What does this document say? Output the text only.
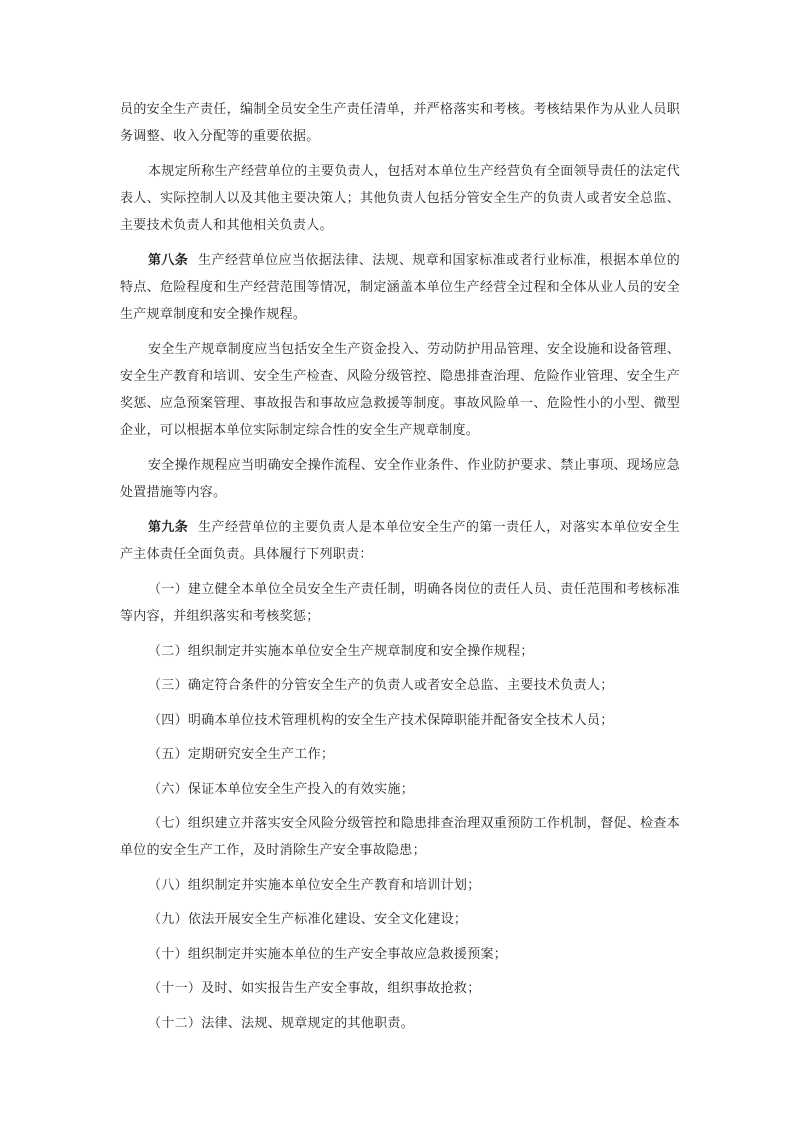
员的安全生产责任，编制全员安全生产责任清单，并严格落实和考核。考核结果作为从业人员职务调整、收入分配等的重要依据。

本规定所称生产经营单位的主要负责人，包括对本单位生产经营负有全面领导责任的法定代表人、实际控制人以及其他主要决策人；其他负责人包括分管安全生产的负责人或者安全总监、主要技术负责人和其他相关负责人。

第八条 生产经营单位应当依据法律、法规、规章和国家标准或者行业标准，根据本单位的特点、危险程度和生产经营范围等情况，制定涵盖本单位生产经营全过程和全体从业人员的安全生产规章制度和安全操作规程。

安全生产规章制度应当包括安全生产资金投入、劳动防护用品管理、安全设施和设备管理、安全生产教育和培训、安全生产检查、风险分级管控、隐患排查治理、危险作业管理、安全生产奖惩、应急预案管理、事故报告和事故应急救援等制度。事故风险单一、危险性小的小型、微型企业，可以根据本单位实际制定综合性的安全生产规章制度。

安全操作规程应当明确安全操作流程、安全作业条件、作业防护要求、禁止事项、现场应急处置措施等内容。

第九条 生产经营单位的主要负责人是本单位安全生产的第一责任人，对落实本单位安全生产主体责任全面负责。具体履行下列职责：

（一）建立健全本单位全员安全生产责任制，明确各岗位的责任人员、责任范围和考核标准等内容，并组织落实和考核奖惩；

（二）组织制定并实施本单位安全生产规章制度和安全操作规程；

（三）确定符合条件的分管安全生产的负责人或者安全总监、主要技术负责人；

（四）明确本单位技术管理机构的安全生产技术保障职能并配备安全技术人员；

（五）定期研究安全生产工作；

（六）保证本单位安全生产投入的有效实施；

（七）组织建立并落实安全风险分级管控和隐患排查治理双重预防工作机制，督促、检查本单位的安全生产工作，及时消除生产安全事故隐患；

（八）组织制定并实施本单位安全生产教育和培训计划；

（九）依法开展安全生产标准化建设、安全文化建设；

（十）组织制定并实施本单位的生产安全事故应急救援预案；

（十一）及时、如实报告生产安全事故，组织事故抢救；

（十二）法律、法规、规章规定的其他职责。
